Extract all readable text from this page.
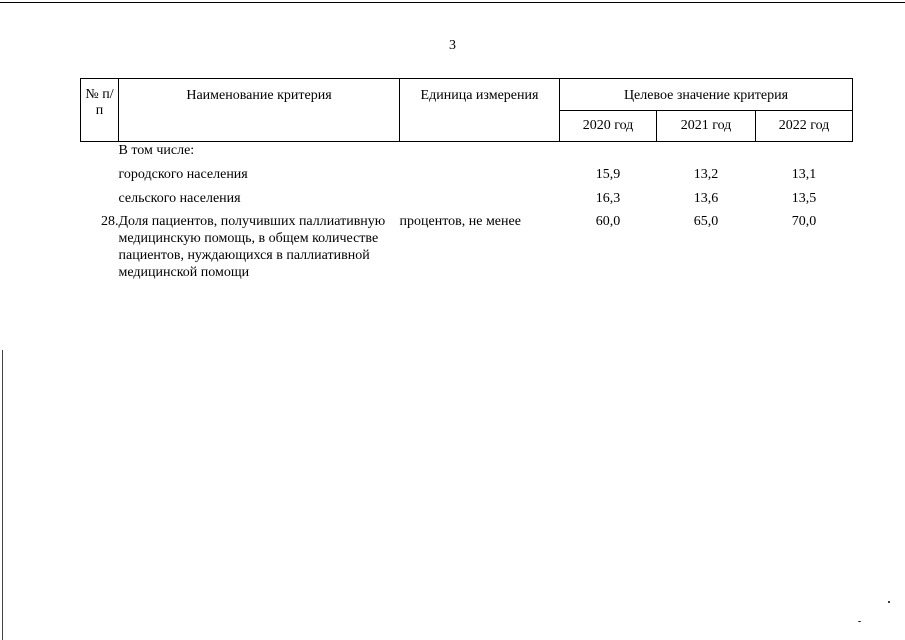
3
№ п/п	Наименование критерия	Единица измерения	Целевое значение критерия		
			2020 год	2021 год	2022 год
	В том числе:				
	городского населения		15,9	13,2	13,1
	сельского населения		16,3	13,6	13,5
28.	Доля пациентов, получивших паллиативную медицинскую помощь, в общем количестве пациентов, нуждающихся в паллиативной медицинской помощи	процентов, не менее	60,0	65,0	70,0
